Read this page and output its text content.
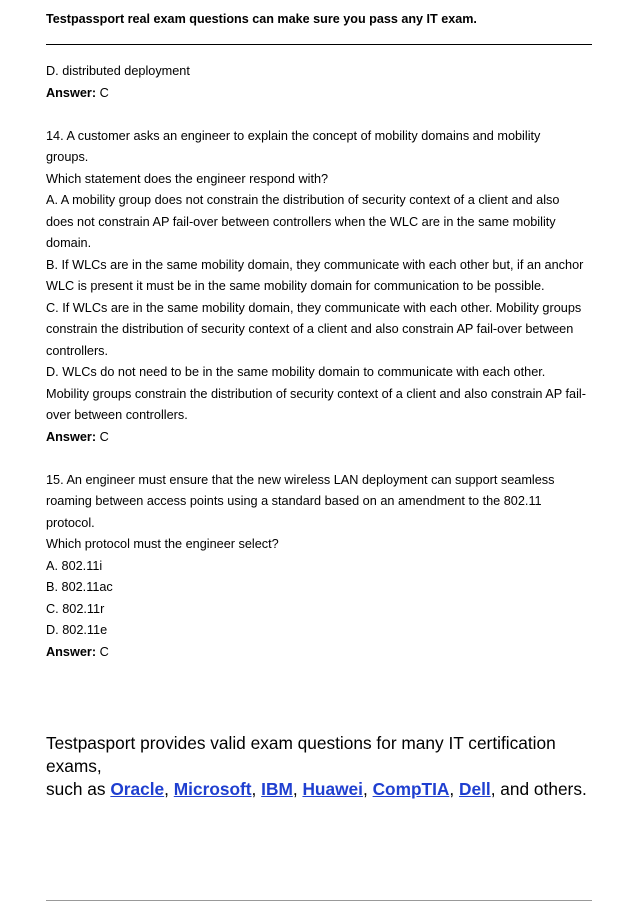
Testpassport real exam questions can make sure you pass any IT exam.

D. distributed deployment

Answer: C

14. A customer asks an engineer to explain the concept of mobility domains and mobility

groups.

Which statement does the engineer respond with?

A. A mobility group does not constrain the distribution of security context of a client and also

does not constrain AP fail-over between controllers when the WLC are in the same mobility

domain.

B. If WLCs are in the same mobility domain, they communicate with each other but, if an anchor

WLC is present it must be in the same mobility domain for communication to be possible.

C. If WLCs are in the same mobility domain, they communicate with each other. Mobility groups

constrain the distribution of security context of a client and also constrain AP fail-over between

controllers.

D. WLCs do not need to be in the same mobility domain to communicate with each other.

Mobility groups constrain the distribution of security context of a client and also constrain AP fail-

over between controllers.

Answer: C

15. An engineer must ensure that the new wireless LAN deployment can support seamless

roaming between access points using a standard based on an amendment to the 802.11

protocol.

Which protocol must the engineer select?

A. 802.11i

B. 802.11ac

C. 802.11r

D. 802.11e

Answer: C

Testpasport provides valid exam questions for many IT certification exams,
such as Oracle, Microsoft, IBM, Huawei, CompTIA, Dell, and others.
